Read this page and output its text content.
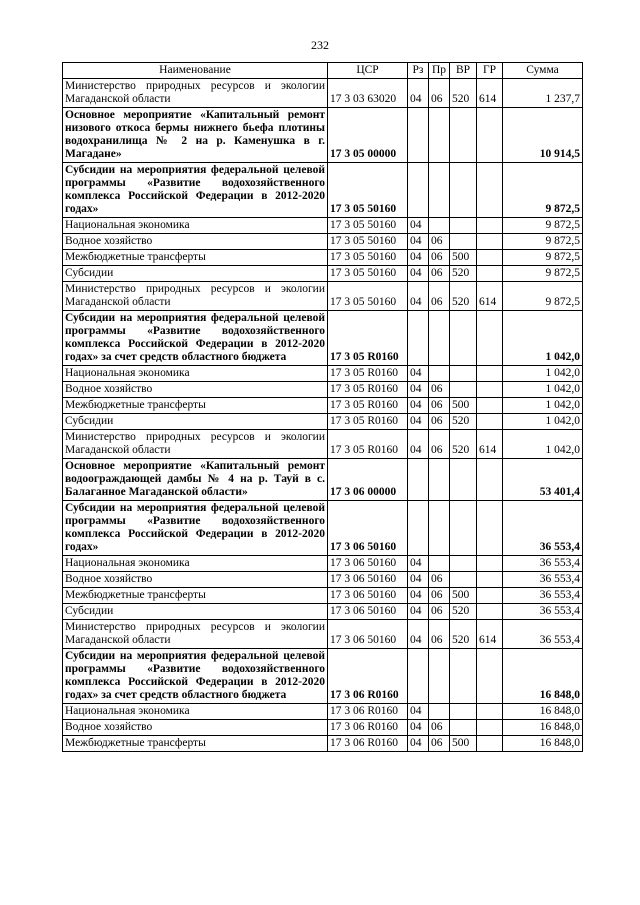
232
Наименование	ЦСР	Рз	Пр	ВР	ГР	Сумма
Министерство природных ресурсов и экологии Магаданской области	17 3 03 63020	04	06	520	614	1 237,7
Основное мероприятие «Капитальный ремонт низового откоса бермы нижнего бьефа плотины водохранилища № 2 на р. Каменушка в г. Магадане»	17 3 05 00000					10 914,5
Субсидии на мероприятия федеральной целевой программы «Развитие водохозяйственного комплекса Российской Федерации в 2012-2020 годах»	17 3 05 50160					9 872,5
Национальная экономика	17 3 05 50160	04				9 872,5
Водное хозяйство	17 3 05 50160	04	06			9 872,5
Межбюджетные трансферты	17 3 05 50160	04	06	500		9 872,5
Субсидии	17 3 05 50160	04	06	520		9 872,5
Министерство природных ресурсов и экологии Магаданской области	17 3 05 50160	04	06	520	614	9 872,5
Субсидии на мероприятия федеральной целевой программы «Развитие водохозяйственного комплекса Российской Федерации в 2012-2020 годах» за счет средств областного бюджета	17 3 05 R0160					1 042,0
Национальная экономика	17 3 05 R0160	04				1 042,0
Водное хозяйство	17 3 05 R0160	04	06			1 042,0
Межбюджетные трансферты	17 3 05 R0160	04	06	500		1 042,0
Субсидии	17 3 05 R0160	04	06	520		1 042,0
Министерство природных ресурсов и экологии Магаданской области	17 3 05 R0160	04	06	520	614	1 042,0
Основное мероприятие «Капитальный ремонт водоограждающей дамбы № 4 на р. Тауй в с. Балаганное Магаданской области»	17 3 06 00000					53 401,4
Субсидии на мероприятия федеральной целевой программы «Развитие водохозяйственного комплекса Российской Федерации в 2012-2020 годах»	17 3 06 50160					36 553,4
Национальная экономика	17 3 06 50160	04				36 553,4
Водное хозяйство	17 3 06 50160	04	06			36 553,4
Межбюджетные трансферты	17 3 06 50160	04	06	500		36 553,4
Субсидии	17 3 06 50160	04	06	520		36 553,4
Министерство природных ресурсов и экологии Магаданской области	17 3 06 50160	04	06	520	614	36 553,4
Субсидии на мероприятия федеральной целевой программы «Развитие водохозяйственного комплекса Российской Федерации в 2012-2020 годах» за счет средств областного бюджета	17 3 06 R0160					16 848,0
Национальная экономика	17 3 06 R0160	04				16 848,0
Водное хозяйство	17 3 06 R0160	04	06			16 848,0
Межбюджетные трансферты	17 3 06 R0160	04	06	500		16 848,0
